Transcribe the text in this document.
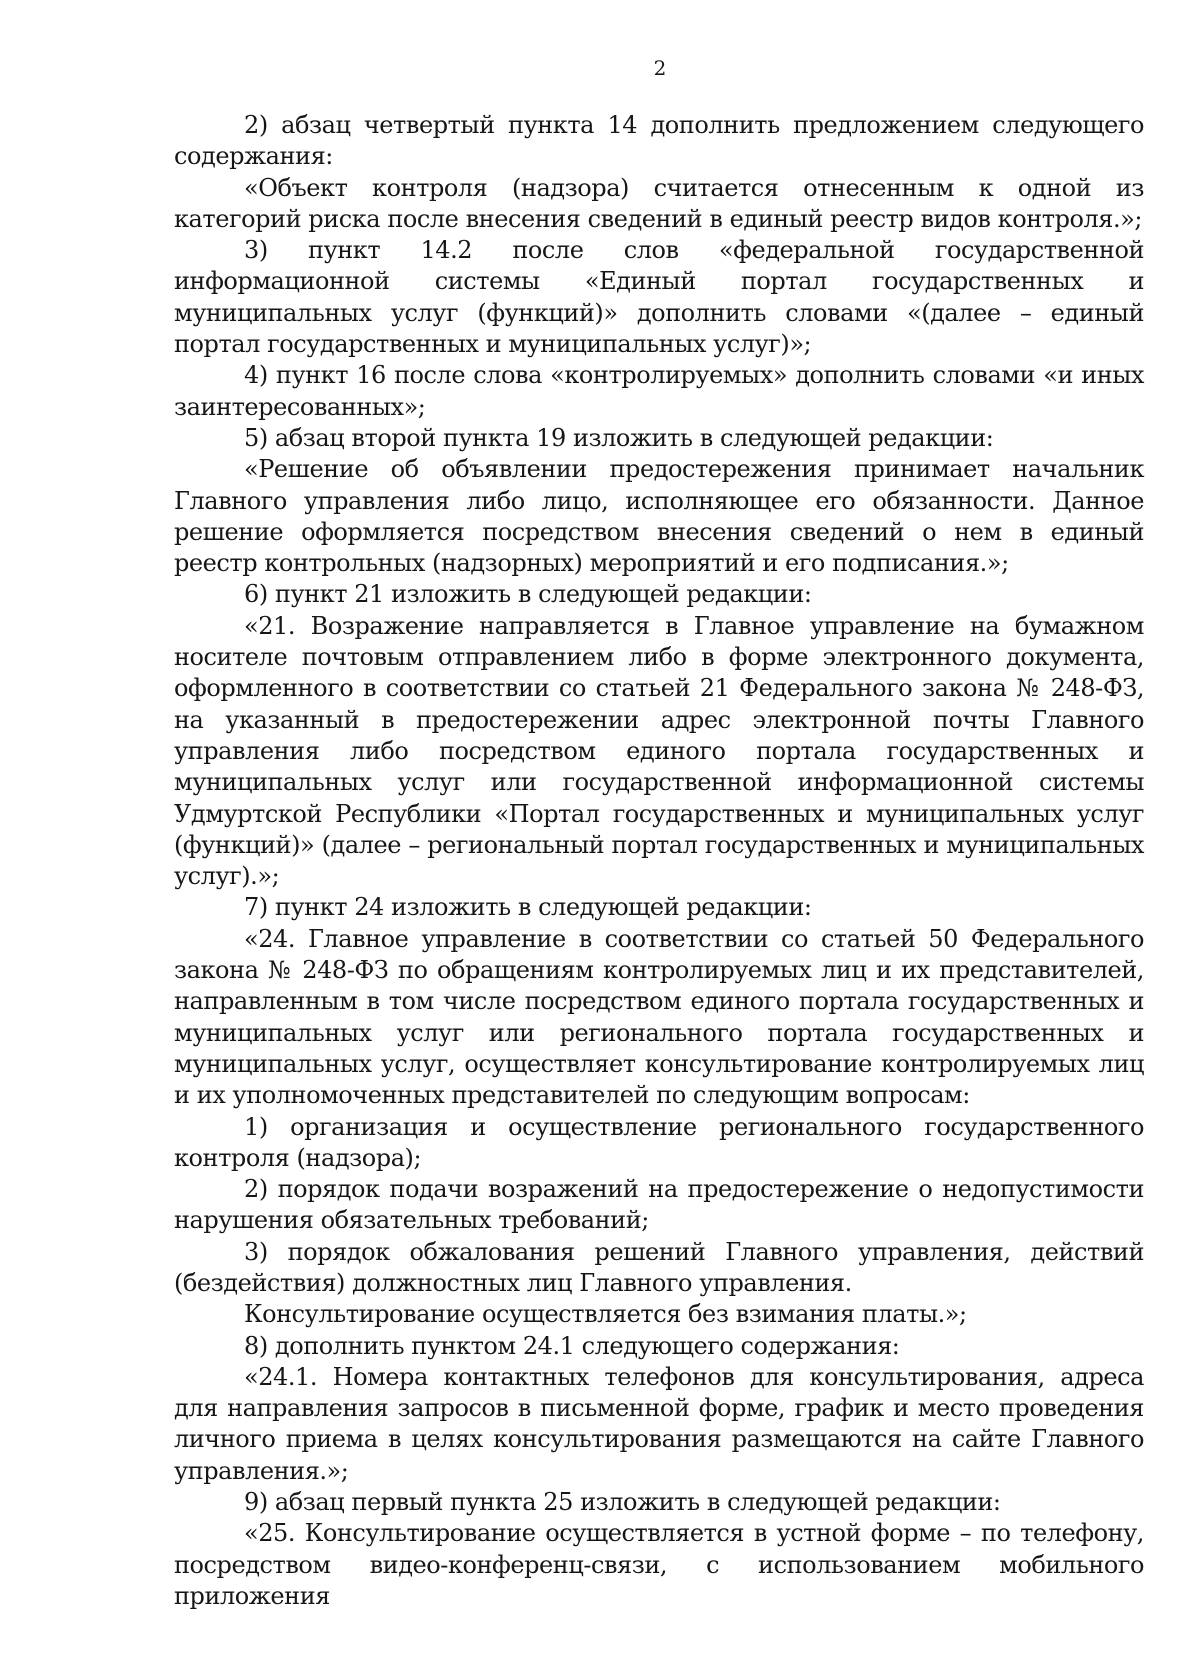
2

2) абзац четвертый пункта 14 дополнить предложением следующего содержания:

«Объект контроля (надзора) считается отнесенным к одной из категорий риска после внесения сведений в единый реестр видов контроля.»;

3) пункт 14.2 после слов «федеральной государственной информационной системы «Единый портал государственных и муниципальных услуг (функций)» дополнить словами «(далее – единый портал государственных и муниципальных услуг)»;

4) пункт 16 после слова «контролируемых» дополнить словами «и иных заинтересованных»;

5) абзац второй пункта 19 изложить в следующей редакции:

«Решение об объявлении предостережения принимает начальник Главного управления либо лицо, исполняющее его обязанности. Данное решение оформляется посредством внесения сведений о нем в единый реестр контрольных (надзорных) мероприятий и его подписания.»;

6) пункт 21 изложить в следующей редакции:

«21. Возражение направляется в Главное управление на бумажном носителе почтовым отправлением либо в форме электронного документа, оформленного в соответствии со статьей 21 Федерального закона № 248-ФЗ, на указанный в предостережении адрес электронной почты Главного управления либо посредством единого портала государственных и муниципальных услуг или государственной информационной системы Удмуртской Республики «Портал государственных и муниципальных услуг (функций)» (далее – региональный портал государственных и муниципальных услуг).»;

7) пункт 24 изложить в следующей редакции:

«24. Главное управление в соответствии со статьей 50 Федерального закона № 248-ФЗ по обращениям контролируемых лиц и их представителей, направленным в том числе посредством единого портала государственных и муниципальных услуг или регионального портала государственных и муниципальных услуг, осуществляет консультирование контролируемых лиц и их уполномоченных представителей по следующим вопросам:

1) организация и осуществление регионального государственного контроля (надзора);

2) порядок подачи возражений на предостережение о недопустимости нарушения обязательных требований;

3) порядок обжалования решений Главного управления, действий (бездействия) должностных лиц Главного управления.

Консультирование осуществляется без взимания платы.»;

8) дополнить пунктом 24.1 следующего содержания:

«24.1. Номера контактных телефонов для консультирования, адреса для направления запросов в письменной форме, график и место проведения личного приема в целях консультирования размещаются на сайте Главного управления.»;

9) абзац первый пункта 25 изложить в следующей редакции:

«25. Консультирование осуществляется в устной форме – по телефону, посредством видео-конференц-связи, с использованием мобильного приложения
